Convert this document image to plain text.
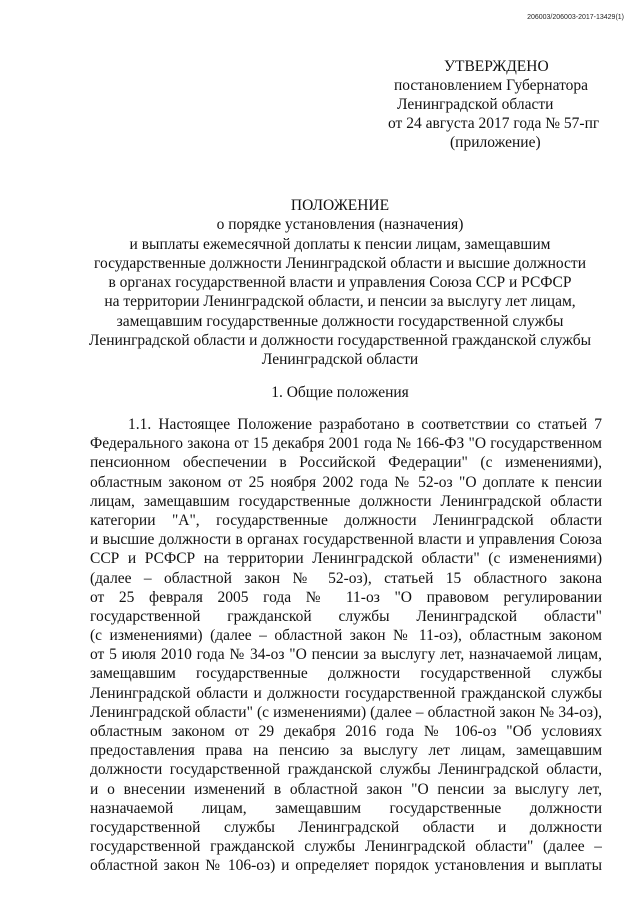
206003/206003-2017-13429(1)
УТВЕРЖДЕНО
постановлением Губернатора
Ленинградской области
от 24 августа 2017 года № 57-пг
(приложение)
ПОЛОЖЕНИЕ
о порядке установления (назначения)
и выплаты ежемесячной доплаты к пенсии лицам, замещавшим
государственные должности Ленинградской области и высшие должности
в органах государственной власти и управления Союза ССР и РСФСР
на территории Ленинградской области, и пенсии за выслугу лет лицам,
замещавшим государственные должности государственной службы
Ленинградской области и должности государственной гражданской службы
Ленинградской области
1. Общие положения
1.1. Настоящее Положение разработано в соответствии со статьей 7
Федерального закона от 15 декабря 2001 года № 166-ФЗ "О государственном
пенсионном обеспечении в Российской Федерации" (с изменениями),
областным законом от 25 ноября 2002 года № 52-оз "О доплате к пенсии
лицам, замещавшим государственные должности Ленинградской области
категории "А", государственные должности Ленинградской области
и высшие должности в органах государственной власти и управления Союза
ССР и РСФСР на территории Ленинградской области" (с изменениями)
(далее – областной закон № 52-оз), статьей 15 областного закона
от 25 февраля 2005 года № 11-оз "О правовом регулировании
государственной гражданской службы Ленинградской области"
(с изменениями) (далее – областной закон № 11-оз), областным законом
от 5 июля 2010 года № 34-оз "О пенсии за выслугу лет, назначаемой лицам,
замещавшим государственные должности государственной службы
Ленинградской области и должности государственной гражданской службы
Ленинградской области" (с изменениями) (далее – областной закон № 34-оз),
областным законом от 29 декабря 2016 года № 106-оз "Об условиях
предоставления права на пенсию за выслугу лет лицам, замещавшим
должности государственной гражданской службы Ленинградской области,
и о внесении изменений в областной закон "О пенсии за выслугу лет,
назначаемой лицам, замещавшим государственные должности
государственной службы Ленинградской области и должности
государственной гражданской службы Ленинградской области" (далее –
областной закон № 106-оз) и определяет порядок установления и выплаты
